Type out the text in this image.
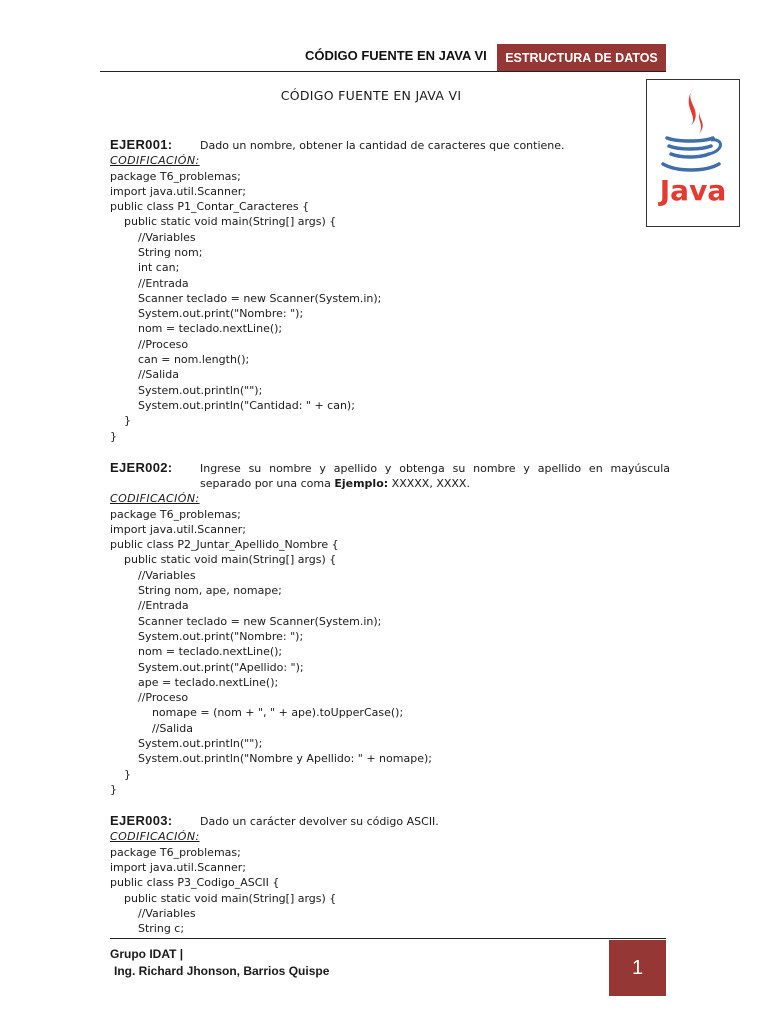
CÓDIGO FUENTE EN JAVA VI	ESTRUCTURA DE DATOS
Java
CÓDIGO FUENTE EN JAVA VI
EJER001:	Dado un nombre, obtener la cantidad de caracteres que contiene.
CODIFICACIÓN:
package T6_problemas;
import java.util.Scanner;
public class P1_Contar_Caracteres {
public static void main(String[] args) {
//Variables
String nom;
int can;
//Entrada
Scanner teclado = new Scanner(System.in);
System.out.print("Nombre: ");
nom = teclado.nextLine();
//Proceso
can = nom.length();
//Salida
System.out.println("");
System.out.println("Cantidad: " + can);
}
}
EJER002:	Ingrese su nombre y apellido y obtenga su nombre y apellido en mayúscula separado por una coma Ejemplo: XXXXX, XXXX.
CODIFICACIÓN:
package T6_problemas;
import java.util.Scanner;
public class P2_Juntar_Apellido_Nombre {
public static void main(String[] args) {
//Variables
String nom, ape, nomape;
//Entrada
Scanner teclado = new Scanner(System.in);
System.out.print("Nombre: ");
nom = teclado.nextLine();
System.out.print("Apellido: ");
ape = teclado.nextLine();
//Proceso
nomape = (nom + ", " + ape).toUpperCase();
//Salida
System.out.println("");
System.out.println("Nombre y Apellido: " + nomape);
}
}
EJER003:	Dado un carácter devolver su código ASCII.
CODIFICACIÓN:
package T6_problemas;
import java.util.Scanner;
public class P3_Codigo_ASCII {
public static void main(String[] args) {
//Variables
String c;
Grupo IDAT |
Ing. Richard Jhonson, Barrios Quispe	1
